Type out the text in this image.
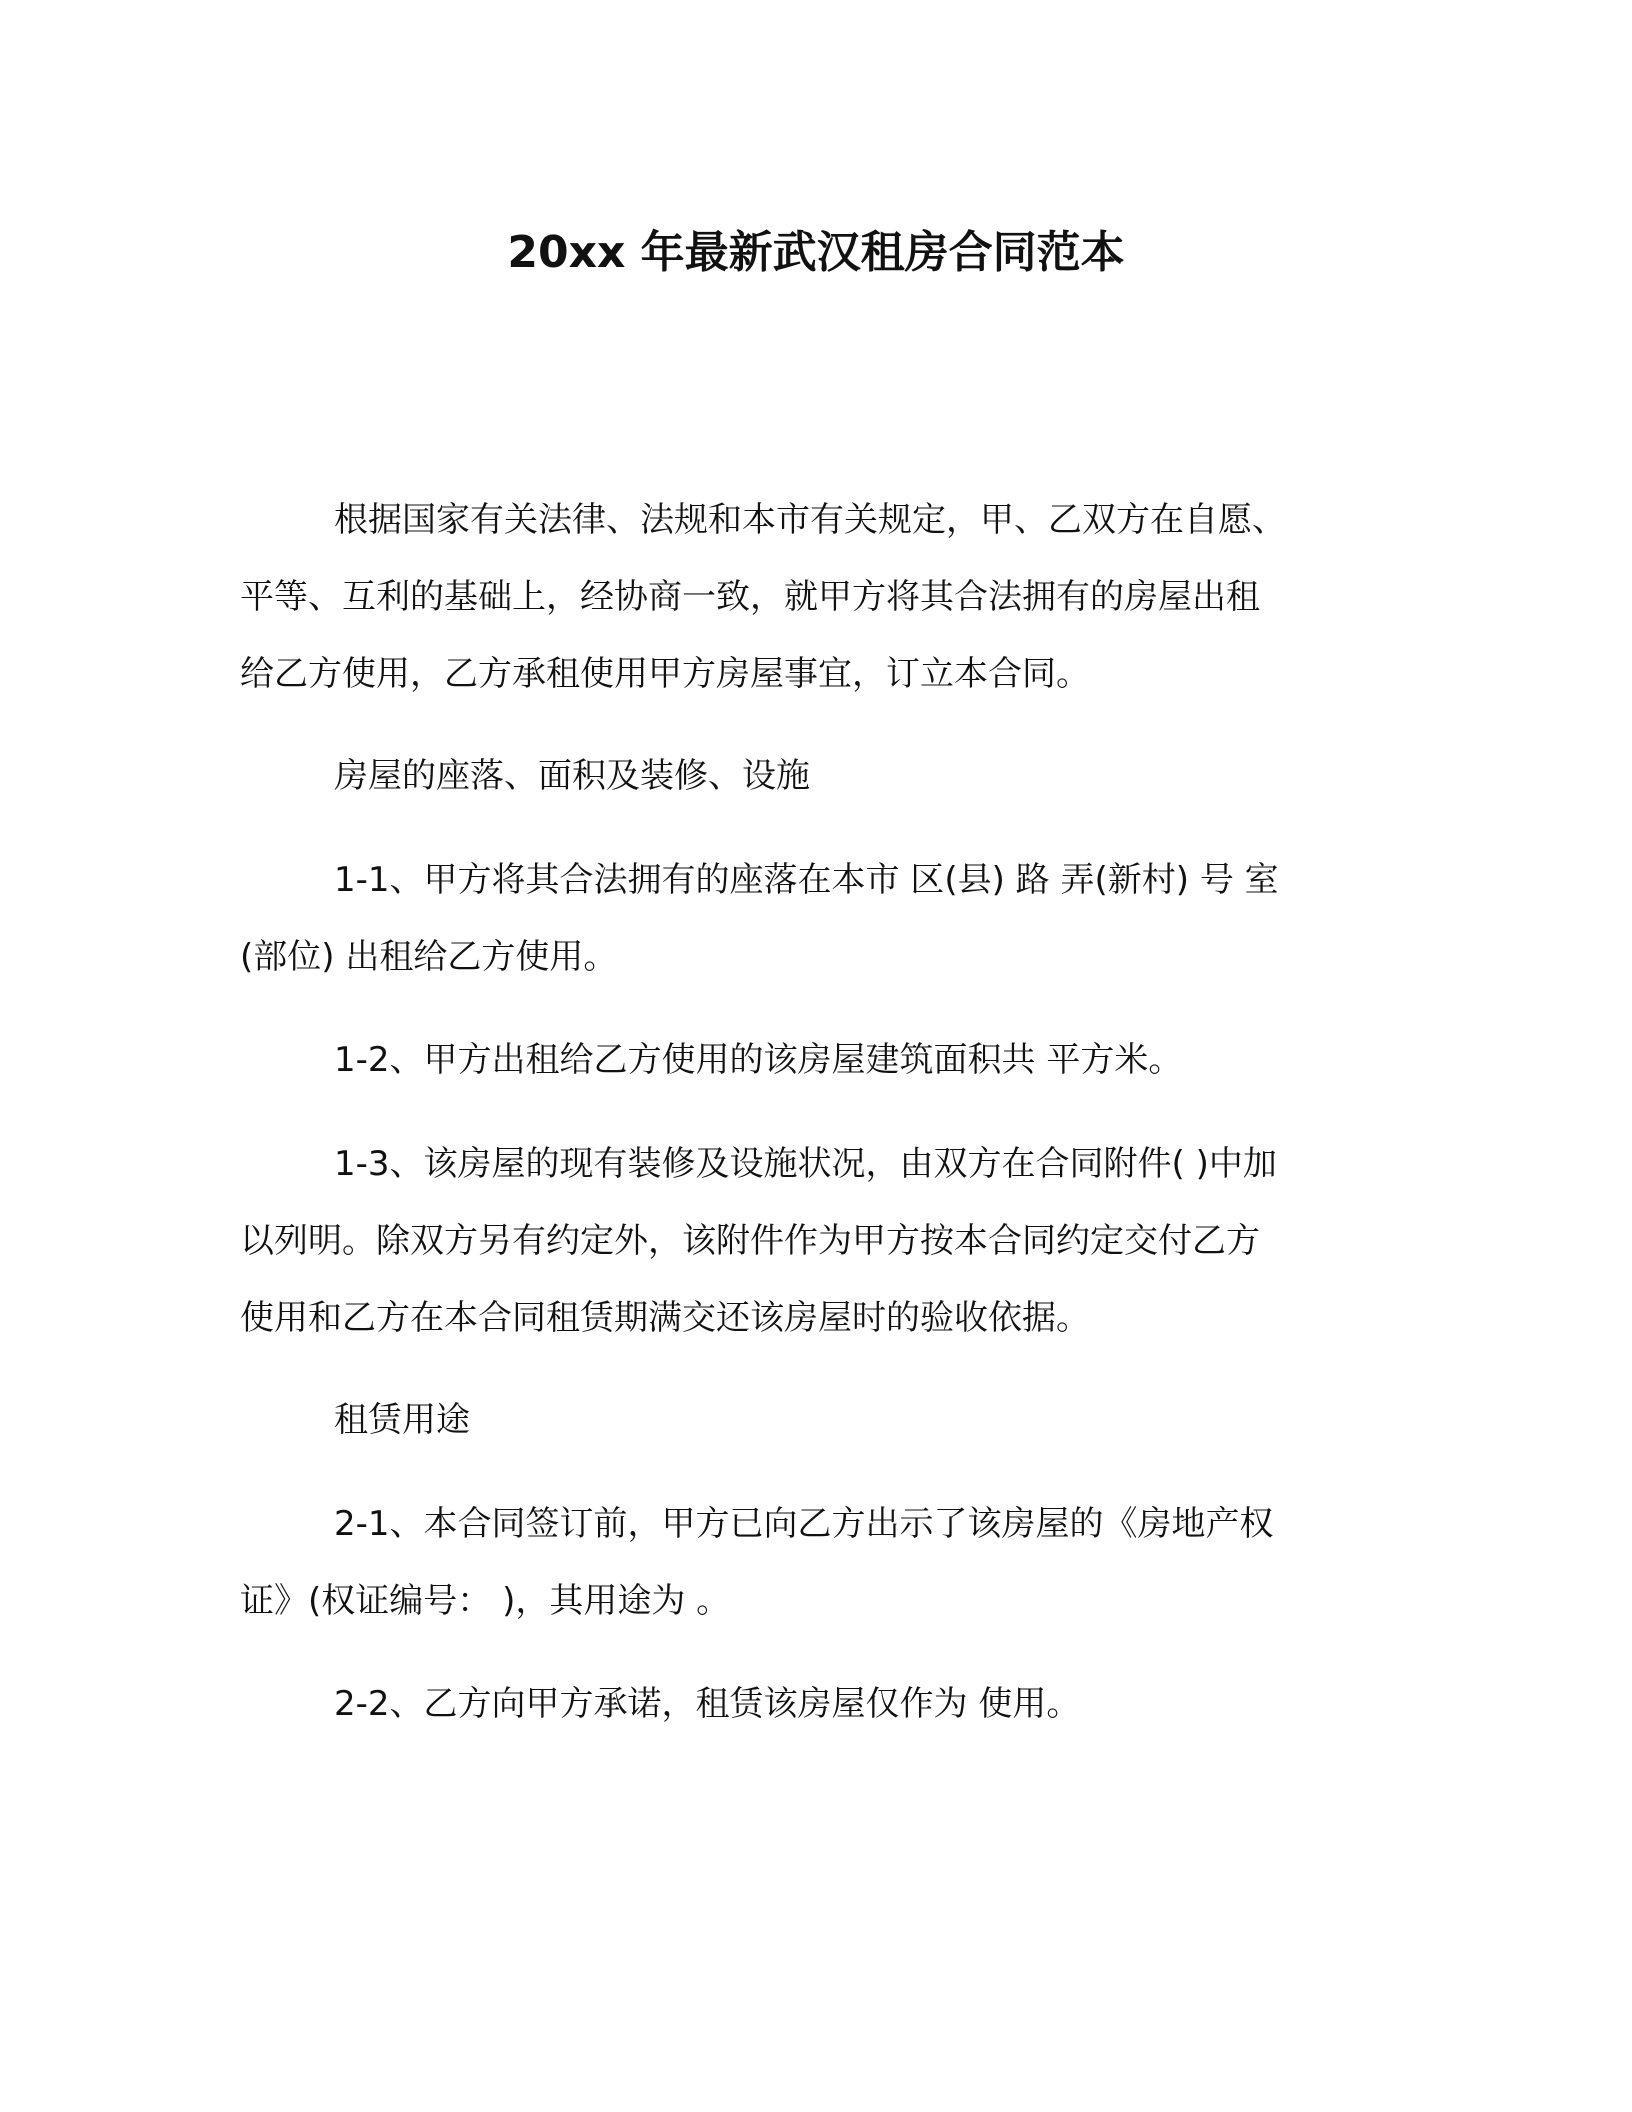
20xx 年最新武汉租房合同范本
根据国家有关法律、法规和本市有关规定，甲、乙双方在自愿、
平等、互利的基础上，经协商一致，就甲方将其合法拥有的房屋出租
给乙方使用，乙方承租使用甲方房屋事宜，订立本合同。
房屋的座落、面积及装修、设施
1-1、甲方将其合法拥有的座落在本市 区(县) 路 弄(新村) 号 室
(部位) 出租给乙方使用。
1-2、甲方出租给乙方使用的该房屋建筑面积共 平方米。
1-3、该房屋的现有装修及设施状况，由双方在合同附件( )中加
以列明。除双方另有约定外，该附件作为甲方按本合同约定交付乙方
使用和乙方在本合同租赁期满交还该房屋时的验收依据。
租赁用途
2-1、本合同签订前，甲方已向乙方出示了该房屋的《房地产权
证》(权证编号： )，其用途为 。
2-2、乙方向甲方承诺，租赁该房屋仅作为 使用。
